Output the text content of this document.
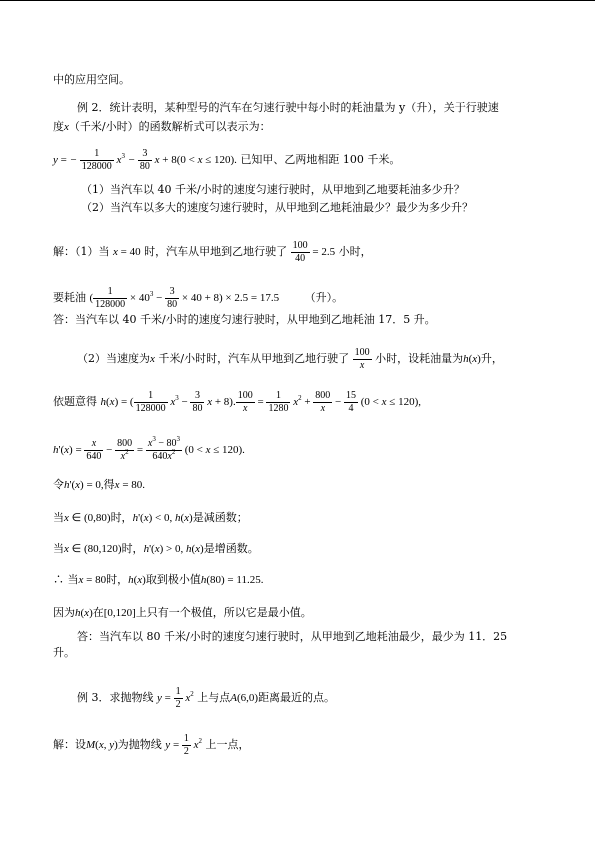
中的应用空间。
例 2．统计表明，某种型号的汽车在匀速行驶中每小时的耗油量为 y（升），关于行驶速
度x（千米/小时）的函数解析式可以表示为：
y = − $\frac{1}{128000} x^3 - \frac{3}{80}$ x + 8(0 < x ≤ 120). 已知甲、乙两地相距 100 千米。
（1）当汽车以 40 千米/小时的速度匀速行驶时，从甲地到乙地要耗油多少升？
（2）当汽车以多大的速度匀速行驶时，从甲地到乙地耗油最少？最少为多少升？
解：（1）当 x = 40 时，汽车从甲地到乙地行驶了 $\frac{100}{40} = 2.5$ 小时，
要耗油 ( $\frac{1}{128000} \times 40^3 - \frac{3}{80} \times 40 + 8) \times 2.5 = 17.5$ （升）。
答：当汽车以 40 千米/小时的速度匀速行驶时，从甲地到乙地耗油 17．5 升。
（2）当速度为x 千米/小时时，汽车从甲地到乙地行驶了 $\frac{100}{x}$ 小时，设耗油量为h(x)升，
依题意得 h(x) = ( $\frac{1}{128000} x^3 - \frac{3}{80}$ x + 8). $\frac{100}{x} = \frac{1}{1280} x^2 + \frac{800}{x} - \frac{15}{4} (0 < x \le 120)$,
$h'(x) = \frac{x}{640} - \frac{800}{x^2} = \frac{x^3 - 80^3}{640x^2} (0 < x \le 120)$.
令h'(x) = 0,得x = 80.
当x ∈ (0,80)时，h'(x) < 0, h(x)是减函数；
当x ∈ (80,120)时，h'(x) > 0, h(x)是增函数。
∴ 当x = 80时，h(x)取到极小值h(80) = 11.25.
因为h(x)在[0,120]上只有一个极值，所以它是最小值。
答：当汽车以 80 千米/小时的速度匀速行驶时，从甲地到乙地耗油最少，最少为 11．25
升。
例 3．求抛物线 $y = \frac{1}{2} x^2$ 上与点A(6,0)距离最近的点。
解：设M(x, y)为抛物线 $y = \frac{1}{2} x^2$ 上一点，
